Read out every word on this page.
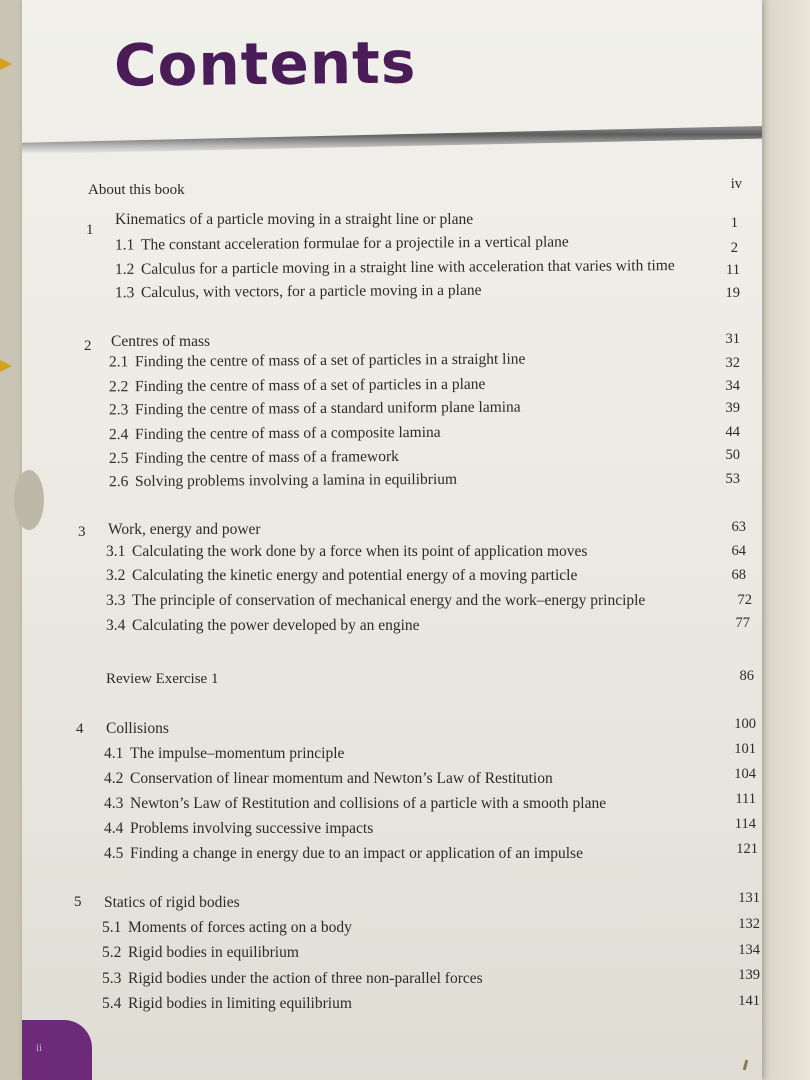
Contents
About this book	iv
1
Kinematics of a particle moving in a straight line or plane	1
1.1 The constant acceleration formulae for a projectile in a vertical plane	2
1.2 Calculus for a particle moving in a straight line with acceleration that varies with time	11
1.3 Calculus, with vectors, for a particle moving in a plane	19
2 Centres of mass	31
2.1 Finding the centre of mass of a set of particles in a straight line	32
2.2 Finding the centre of mass of a set of particles in a plane	34
2.3 Finding the centre of mass of a standard uniform plane lamina	39
2.4 Finding the centre of mass of a composite lamina	44
2.5 Finding the centre of mass of a framework	50
2.6 Solving problems involving a lamina in equilibrium	53
3 Work, energy and power	63
3.1 Calculating the work done by a force when its point of application moves	64
3.2 Calculating the kinetic energy and potential energy of a moving particle	68
3.3 The principle of conservation of mechanical energy and the work–energy principle	72
3.4 Calculating the power developed by an engine	77
Review Exercise 1	86
4 Collisions	100
4.1 The impulse–momentum principle	101
4.2 Conservation of linear momentum and Newton’s Law of Restitution	104
4.3 Newton’s Law of Restitution and collisions of a particle with a smooth plane	111
4.4 Problems involving successive impacts	114
4.5 Finding a change in energy due to an impact or application of an impulse	121
5 Statics of rigid bodies	131
5.1 Moments of forces acting on a body	132
5.2 Rigid bodies in equilibrium	134
5.3 Rigid bodies under the action of three non-parallel forces	139
5.4 Rigid bodies in limiting equilibrium	141
ii
